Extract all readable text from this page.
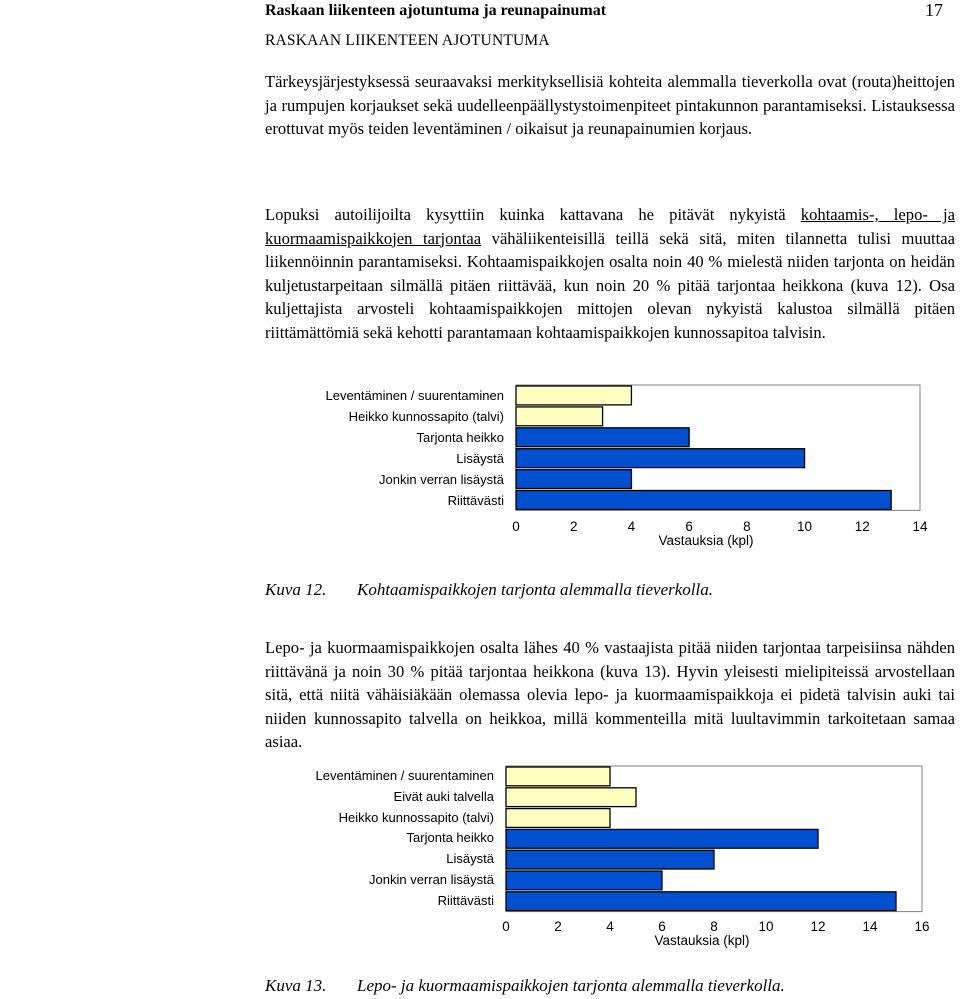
Raskaan liikenteen ajotuntuma ja reunapainumat	17
RASKAAN LIIKENTEEN AJOTUNTUMA

Tärkeysjärjestyksessä seuraavaksi merkityksellisiä kohteita alemmalla tieverkolla ovat (routa)heittojen ja rumpujen korjaukset sekä uudelleenpäällystystoimenpiteet pintakunnon parantamiseksi. Listauksessa erottuvat myös teiden leventäminen / oikaisut ja reunapainumien korjaus.

Lopuksi autoilijoilta kysyttiin kuinka kattavana he pitävät nykyistä kohtaamis-, lepo- ja kuormaamispaikkojen tarjontaa vähäliikenteisillä teillä sekä sitä, miten tilannetta tulisi muuttaa liikennöinnin parantamiseksi. Kohtaamispaikkojen osalta noin 40 % mielestä niiden tarjonta on heidän kuljetustarpeitaan silmällä pitäen riittävää, kun noin 20 % pitää tarjontaa heikkona (kuva 12). Osa kuljettajista arvosteli kohtaamispaikkojen mittojen olevan nykyistä kalustoa silmällä pitäen riittämättömiä sekä kehotti parantamaan kohtaamispaikkojen kunnossapitoa talvisin.

Leventäminen / suurentaminen
Heikko kunnossapito (talvi)
Tarjonta heikko
Lisäystä
Jonkin verran lisäystä
Riittävästi
0	2	4	6	8	10	12	14
Vastauksia (kpl)
Kuva 12. Kohtaamispaikkojen tarjonta alemmalla tieverkolla.

Lepo- ja kuormaamispaikkojen osalta lähes 40 % vastaajista pitää niiden tarjontaa tarpeisiinsa nähden riittävänä ja noin 30 % pitää tarjontaa heikkona (kuva 13). Hyvin yleisesti mielipiteissä arvostellaan sitä, että niitä vähäisiäkään olemassa olevia lepo- ja kuormaamispaikkoja ei pidetä talvisin auki tai niiden kunnossapito talvella on heikkoa, millä kommenteilla mitä luultavimmin tarkoitetaan samaa asiaa.

Leventäminen / suurentaminen
Eivät auki talvella
Heikko kunnossapito (talvi)
Tarjonta heikko
Lisäystä
Jonkin verran lisäystä
Riittävästi
0	2	4	6	8	10	12	14	16
Vastauksia (kpl)
Kuva 13. Lepo- ja kuormaamispaikkojen tarjonta alemmalla tieverkolla.
